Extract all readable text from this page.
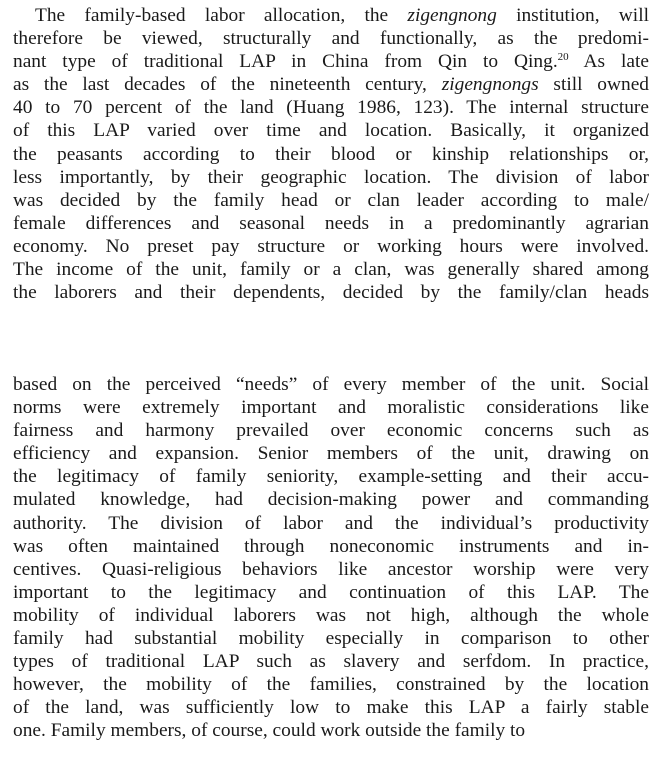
The family-based labor allocation, the zigengnong institution, will
therefore be viewed, structurally and functionally, as the predomi-
nant type of traditional LAP in China from Qin to Qing.$^{20}$ As late
as the last decades of the nineteenth century, zigengnongs still owned
40 to 70 percent of the land (Huang 1986, 123). The internal structure
of this LAP varied over time and location. Basically, it organized
the peasants according to their blood or kinship relationships or,
less importantly, by their geographic location. The division of labor
was decided by the family head or clan leader according to male/
female differences and seasonal needs in a predominantly agrarian
economy. No preset pay structure or working hours were involved.
The income of the unit, family or a clan, was generally shared among
the laborers and their dependents, decided by the family/clan heads
based on the perceived “needs” of every member of the unit. Social
norms were extremely important and moralistic considerations like
fairness and harmony prevailed over economic concerns such as
efficiency and expansion. Senior members of the unit, drawing on
the legitimacy of family seniority, example-setting and their accu-
mulated knowledge, had decision-making power and commanding
authority. The division of labor and the individual’s productivity
was often maintained through noneconomic instruments and in-
centives. Quasi-religious behaviors like ancestor worship were very
important to the legitimacy and continuation of this LAP. The
mobility of individual laborers was not high, although the whole
family had substantial mobility especially in comparison to other
types of traditional LAP such as slavery and serfdom. In practice,
however, the mobility of the families, constrained by the location
of the land, was sufficiently low to make this LAP a fairly stable
one. Family members, of course, could work outside the family to
